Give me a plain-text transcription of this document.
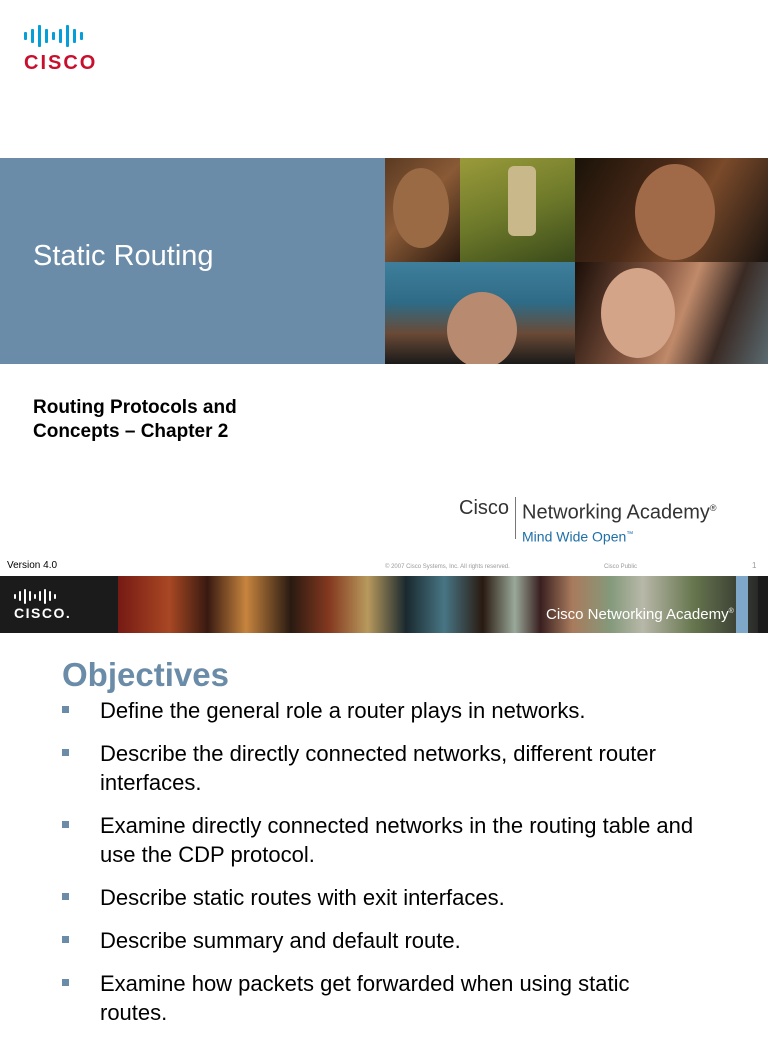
CISCO
Static Routing
Routing Protocols and
Concepts – Chapter 2
Cisco Networking Academy®
Mind Wide Open™
Version 4.0	© 2007 Cisco Systems, Inc. All rights reserved.	Cisco Public	1
CISCO.	Cisco Networking Academy®
Objectives
Define the general role a router plays in networks.
Describe the directly connected networks, different router interfaces.
Examine directly connected networks in the routing table and use the CDP protocol.
Describe static routes with exit interfaces.
Describe summary and default route.
Examine how packets get forwarded when using static routes.
